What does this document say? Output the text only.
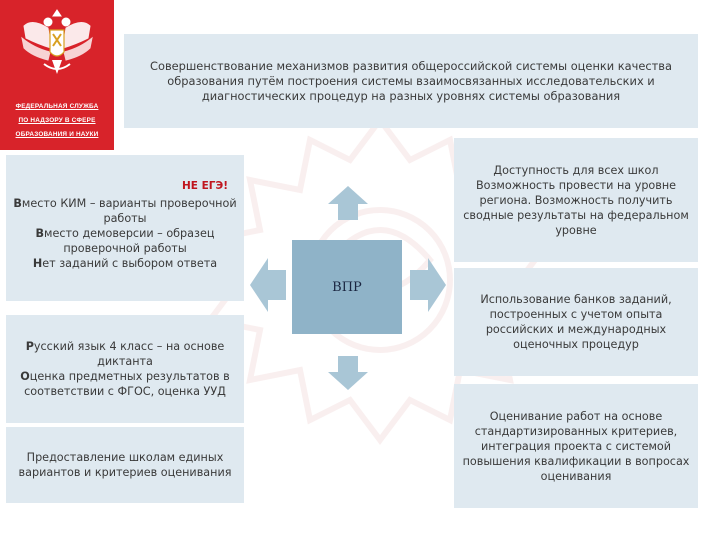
ФЕДЕРАЛЬНАЯ СЛУЖБА
ПО НАДЗОРУ В СФЕРЕ
ОБРАЗОВАНИЯ И НАУКИ
Совершенствование механизмов развития общероссийской системы оценки качества образования путём построения системы взаимосвязанных исследовательских и диагностических процедур на разных уровнях системы образования
НЕ ЕГЭ!
Вместо КИМ – варианты проверочной работы
Вместо демоверсии – образец проверочной работы
Нет заданий с выбором ответа
Русский язык 4 класс – на основе диктанта
Оценка предметных результатов в соответствии с ФГОС, оценка УУД
Предоставление школам единых вариантов и критериев оценивания
Доступность для всех школ Возможность провести на уровне региона. Возможность получить сводные результаты на федеральном уровне
Использование банков заданий, построенных с учетом опыта российских и международных оценочных процедур
Оценивание работ на основе стандартизированных критериев, интеграция проекта с системой повышения квалификации в вопросах оценивания
ВПР
